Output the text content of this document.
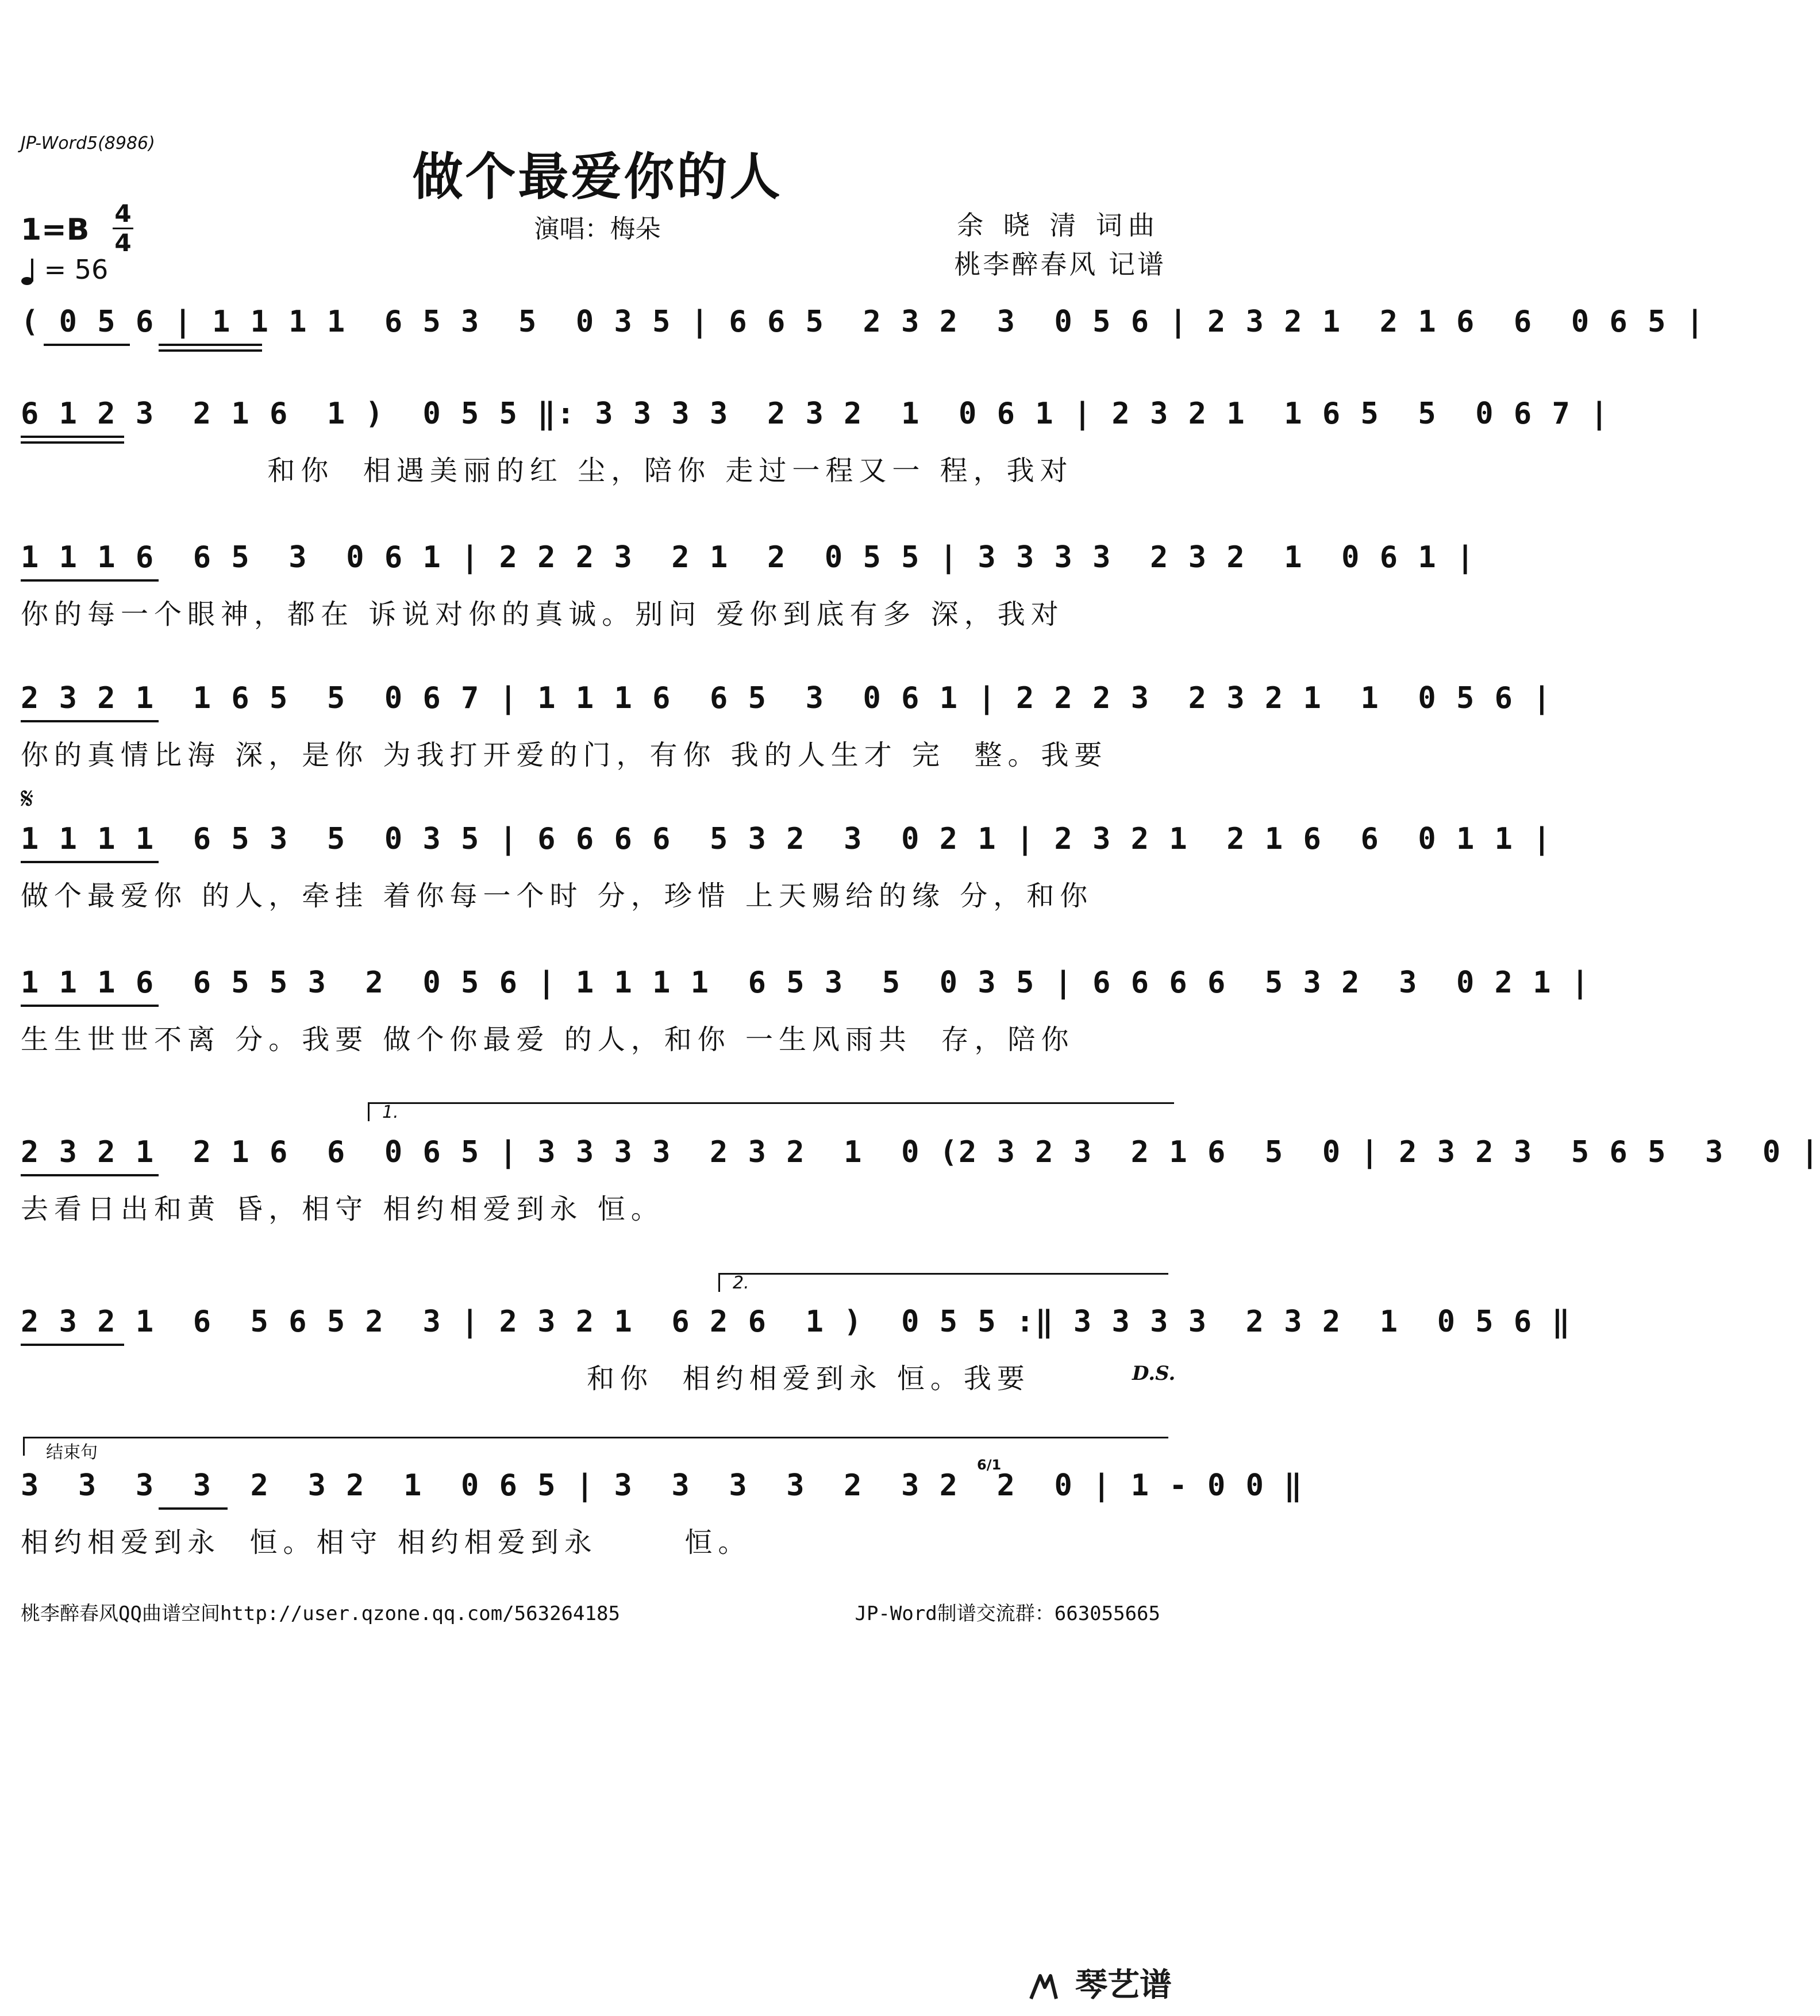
JP-Word5(8986)
做个最爱你的人
1=B 4
4
= 56
演唱：梅朵	余 晓 清 词曲
桃李醉春风 记谱
( 0 5 6 | 1 1 1 1  6 5 3  5  0 3 5 | 6 6 5  2 3 2  3  0 5 6 | 2 3 2 1  2 1 6  6  0 6 5 |
6 1 2 3  2 1 6  1 )  0 5 5 ‖: 3 3 3 3  2 3 2  1  0 6 1 | 2 3 2 1  1 6 5  5  0 6 7 |
和你  相遇美丽的红 尘，陪你 走过一程又一 程，我对
1 1 1 6  6 5  3  0 6 1 | 2 2 2 3  2 1  2  0 5 5 | 3 3 3 3  2 3 2  1  0 6 1 |
你的每一个眼神，都在 诉说对你的真诚。别问 爱你到底有多 深，我对
2 3 2 1  1 6 5  5  0 6 7 | 1 1 1 6  6 5  3  0 6 1 | 2 2 2 3  2 3 2 1  1  0 5 6 |
你的真情比海 深，是你 为我打开爱的门，有你 我的人生才 完  整。我要
𝄋
1 1 1 1  6 5 3  5  0 3 5 | 6 6 6 6  5 3 2  3  0 2 1 | 2 3 2 1  2 1 6  6  0 1 1 |
做个最爱你 的人，牵挂 着你每一个时 分，珍惜 上天赐给的缘 分，和你
1 1 1 6  6 5 5 3  2  0 5 6 | 1 1 1 1  6 5 3  5  0 3 5 | 6 6 6 6  5 3 2  3  0 2 1 |
生生世世不离 分。我要 做个你最爱 的人，和你 一生风雨共  存，陪你
1.
2 3 2 1  2 1 6  6  0 6 5 | 3 3 3 3  2 3 2  1  0 (2 3 2 3  2 1 6  5  0 | 2 3 2 3  5 6 5  3  0 |
去看日出和黄 昏，相守 相约相爱到永 恒。
2.
2 3 2 1  6  5 6 5 2  3 | 2 3 2 1  6 2 6  1 )  0 5 5 :‖ 3 3 3 3  2 3 2  1  0 5 6 ‖
和你  相约相爱到永 恒。我要	D.S.
结束句
3  3  3  3  2  3 2  1  0 6 5 | 3  3  3  3  2  3 2  2  0 | 1 - 0 0 ‖
相约相爱到永  恒。相守 相约相爱到永      恒。
6/1
桃李醉春风QQ曲谱空间http://user.qzone.qq.com/563264185	JP-Word制谱交流群：663055665
琴艺谱
